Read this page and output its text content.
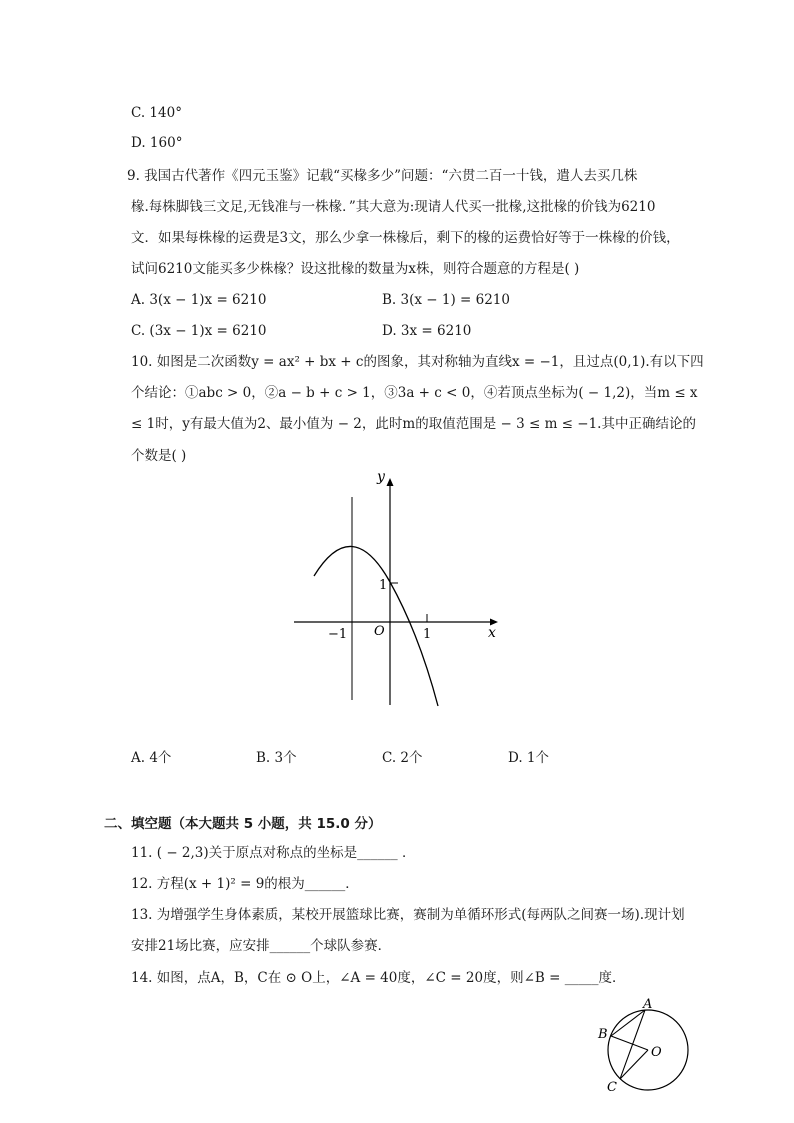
C. 140°
D. 160°
9. 我国古代著作《四元玉鉴》记载“买椽多少”问题：“六贯二百一十钱，遣人去买几株
椽.每株脚钱三文足,无钱准与一株椽．”其大意为:现请人代买一批椽,这批椽的价钱为6210
文．如果每株椽的运费是3文，那么少拿一株椽后，剩下的椽的运费恰好等于一株椽的价钱，
试问6210文能买多少株椽？设这批椽的数量为x株，则符合题意的方程是( )
A. 3(x − 1)x = 6210	B. 3(x − 1) = 6210
C. (3x − 1)x = 6210	D. 3x = 6210
10. 如图是二次函数y = ax² + bx + c的图象，其对称轴为直线x = −1，且过点(0,1).有以下四
个结论：①abc > 0，②a − b + c > 1，③3a + c < 0，④若顶点坐标为( − 1,2)，当m ≤ x
≤ 1时，y有最大值为2、最小值为 − 2，此时m的取值范围是 − 3 ≤ m ≤ −1.其中正确结论的
个数是( )
y
x
O
−1	1
1
A. 4个	B. 3个	C. 2个	D. 1个
二、填空题（本大题共 5 小题，共 15.0 分）
11. ( − 2,3)关于原点对称点的坐标是______ ．
12. 方程(x + 1)² = 9的根为______．
13. 为增强学生身体素质，某校开展篮球比赛，赛制为单循环形式(每两队之间赛一场).现计划
安排21场比赛，应安排______个球队参赛．
14. 如图，点A，B，C在 ⊙ O上，∠A = 40度，∠C = 20度，则∠B = _____度．
A
B
C
O
